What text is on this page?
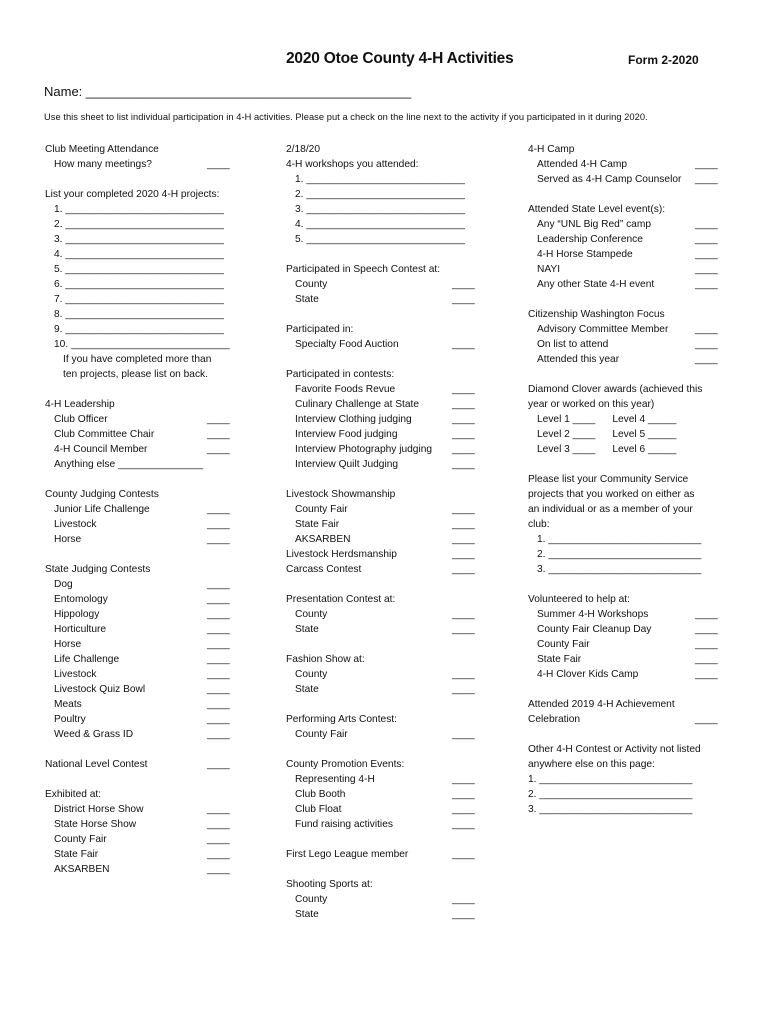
2020 Otoe County 4-H Activities	Form 2-2020
Name: _____________________________________________
Use this sheet to list individual participation in 4-H activities. Please put a check on the line next to the activity if you participated in it during 2020.
Club Meeting Attendance
How many meetings?	____
List your completed 2020 4-H projects:
1. ____________________________
2. ____________________________
3. ____________________________
4. ____________________________
5. ____________________________
6. ____________________________
7. ____________________________
8. ____________________________
9. ____________________________
10. ____________________________
If you have completed more than
ten projects, please list on back.
4-H Leadership
Club Officer	____
Club Committee Chair	____
4-H Council Member	____
Anything else _______________
County Judging Contests
Junior Life Challenge	____
Livestock	____
Horse	____
State Judging Contests
Dog	____
Entomology	____
Hippology	____
Horticulture	____
Horse	____
Life Challenge	____
Livestock	____
Livestock Quiz Bowl	____
Meats	____
Poultry	____
Weed & Grass ID	____
National Level Contest	____
Exhibited at:
District Horse Show	____
State Horse Show	____
County Fair	____
State Fair	____
AKSARBEN	____
2/18/20
4-H workshops you attended:
1. ____________________________
2. ____________________________
3. ____________________________
4. ____________________________
5. ____________________________
Participated in Speech Contest at:
County	____
State	____
Participated in:
Specialty Food Auction	____
Participated in contests:
Favorite Foods Revue	____
Culinary Challenge at State	____
Interview Clothing judging	____
Interview Food judging	____
Interview Photography judging ____
Interview Quilt Judging	____
Livestock Showmanship
County Fair	____
State Fair	____
AKSARBEN	____
Livestock Herdsmanship	____
Carcass Contest	____
Presentation Contest at:
County	____
State	____
Fashion Show at:
County	____
State	____
Performing Arts Contest:
County Fair	____
County Promotion Events:
Representing 4-H	____
Club Booth	____
Club Float	____
Fund raising activities	____
First Lego League member	____
Shooting Sports at:
County	____
State	____
4-H Camp
Attended 4-H Camp	____
Served as 4-H Camp Counselor ____
Attended State Level event(s):
Any “UNL Big Red” camp	____
Leadership Conference	____
4-H Horse Stampede	____
NAYI	____
Any other State 4-H event	____
Citizenship Washington Focus
Advisory Committee Member	____
On list to attend	____
Attended this year	____
Diamond Clover awards (achieved this
year or worked on this year)
Level 1 ____      Level 4 _____
Level 2 ____      Level 5 _____
Level 3 ____      Level 6 _____
Please list your Community Service
projects that you worked on either as
an individual or as a member of your
club:
1. ___________________________
2. ___________________________
3. ___________________________
Volunteered to help at:
Summer 4-H Workshops	____
County Fair Cleanup Day	____
County Fair	____
State Fair	____
4-H Clover Kids Camp	____
Attended 2019 4-H Achievement
Celebration	____
Other 4-H Contest or Activity not listed
anywhere else on this page:
1. ___________________________
2. ___________________________
3. ___________________________
